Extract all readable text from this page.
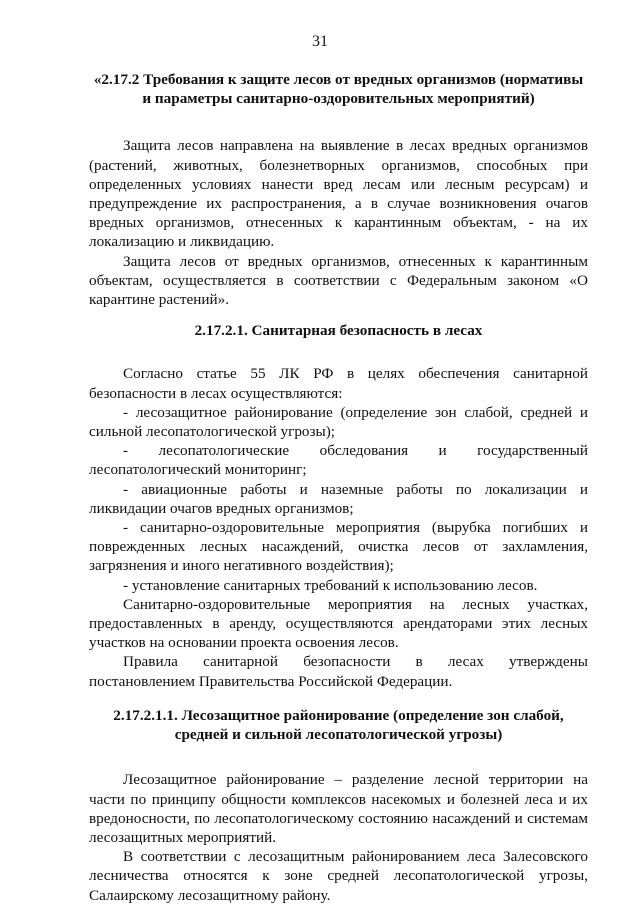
31
«2.17.2 Требования к защите лесов от вредных организмов (нормативы и параметры санитарно-оздоровительных мероприятий)

Защита лесов направлена на выявление в лесах вредных организмов (растений, животных, болезнетворных организмов, способных при определенных условиях нанести вред лесам или лесным ресурсам) и предупреждение их распространения, а в случае возникновения очагов вредных организмов, отнесенных к карантинным объектам, - на их локализацию и ликвидацию.

Защита лесов от вредных организмов, отнесенных к карантинным объектам, осуществляется в соответствии с Федеральным законом «О карантине растений».

2.17.2.1. Санитарная безопасность в лесах

Согласно статье 55 ЛК РФ в целях обеспечения санитарной безопасности в лесах осуществляются:

- лесозащитное районирование (определение зон слабой, средней и сильной лесопатологической угрозы);

- лесопатологические обследования и государственный лесопатологический мониторинг;

- авиационные работы и наземные работы по локализации и ликвидации очагов вредных организмов;

- санитарно-оздоровительные мероприятия (вырубка погибших и поврежденных лесных насаждений, очистка лесов от захламления, загрязнения и иного негативного воздействия);

- установление санитарных требований к использованию лесов.

Санитарно-оздоровительные мероприятия на лесных участках, предоставленных в аренду, осуществляются арендаторами этих лесных участков на основании проекта освоения лесов.

Правила санитарной безопасности в лесах утверждены постановлением Правительства Российской Федерации.

2.17.2.1.1. Лесозащитное районирование (определение зон слабой, средней и сильной лесопатологической угрозы)

Лесозащитное районирование – разделение лесной территории на части по принципу общности комплексов насекомых и болезней леса и их вредоносности, по лесопатологическому состоянию насаждений и системам лесозащитных мероприятий.

В соответствии с лесозащитным районированием леса Залесовского лесничества относятся к зоне средней лесопатологической угрозы, Салаирскому лесозащитному району.
